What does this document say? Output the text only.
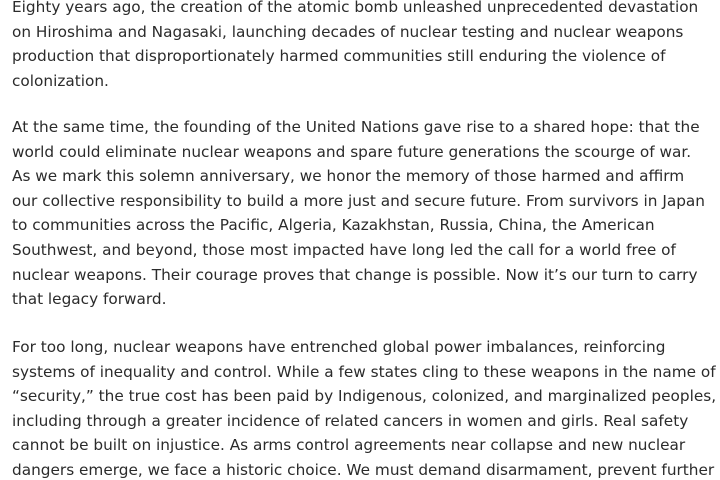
Eighty years ago, the creation of the atomic bomb unleashed unprecedented devastation
on Hiroshima and Nagasaki, launching decades of nuclear testing and nuclear weapons
production that disproportionately harmed communities still enduring the violence of
colonization.

At the same time, the founding of the United Nations gave rise to a shared hope: that the
world could eliminate nuclear weapons and spare future generations the scourge of war.
As we mark this solemn anniversary, we honor the memory of those harmed and affirm
our collective responsibility to build a more just and secure future. From survivors in Japan
to communities across the Pacific, Algeria, Kazakhstan, Russia, China, the American
Southwest, and beyond, those most impacted have long led the call for a world free of
nuclear weapons. Their courage proves that change is possible. Now it’s our turn to carry
that legacy forward.

For too long, nuclear weapons have entrenched global power imbalances, reinforcing
systems of inequality and control. While a few states cling to these weapons in the name of
“security,” the true cost has been paid by Indigenous, colonized, and marginalized peoples,
including through a greater incidence of related cancers in women and girls. Real safety
cannot be built on injustice. As arms control agreements near collapse and new nuclear
dangers emerge, we face a historic choice. We must demand disarmament, prevent further
